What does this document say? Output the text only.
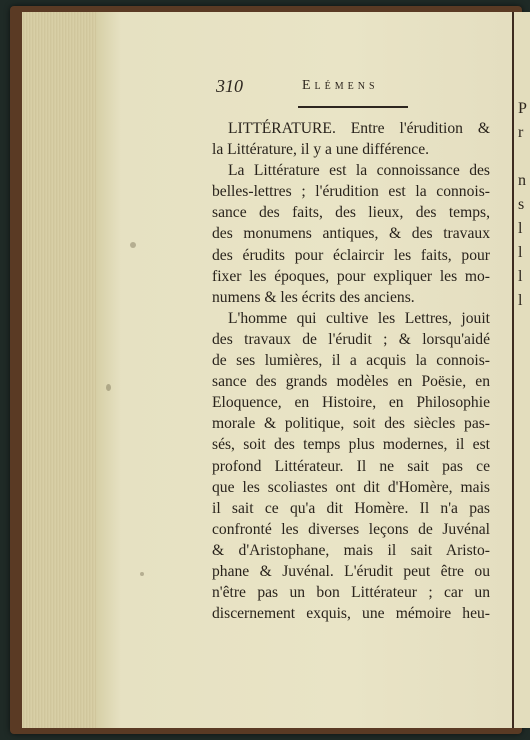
P
r
n
s
l
l
l
l
310	Elémens
LITTÉRATURE. Entre l'érudition &
la Littérature, il y a une différence.
La Littérature est la connoissance des
belles-lettres ; l'érudition est la connois-
sance des faits, des lieux, des temps,
des monumens antiques, & des travaux
des érudits pour éclaircir les faits, pour
fixer les époques, pour expliquer les mo-
numens & les écrits des anciens.
L'homme qui cultive les Lettres, jouit
des travaux de l'érudit ; & lorsqu'aidé
de ses lumières, il a acquis la connois-
sance des grands modèles en Poësie, en
Eloquence, en Histoire, en Philosophie
morale & politique, soit des siècles pas-
sés, soit des temps plus modernes, il est
profond Littérateur. Il ne sait pas ce
que les scoliastes ont dit d'Homère, mais
il sait ce qu'a dit Homère. Il n'a pas
confronté les diverses leçons de Juvénal
& d'Aristophane, mais il sait Aristo-
phane & Juvénal. L'érudit peut être ou
n'être pas un bon Littérateur ; car un
discernement exquis, une mémoire heu-
